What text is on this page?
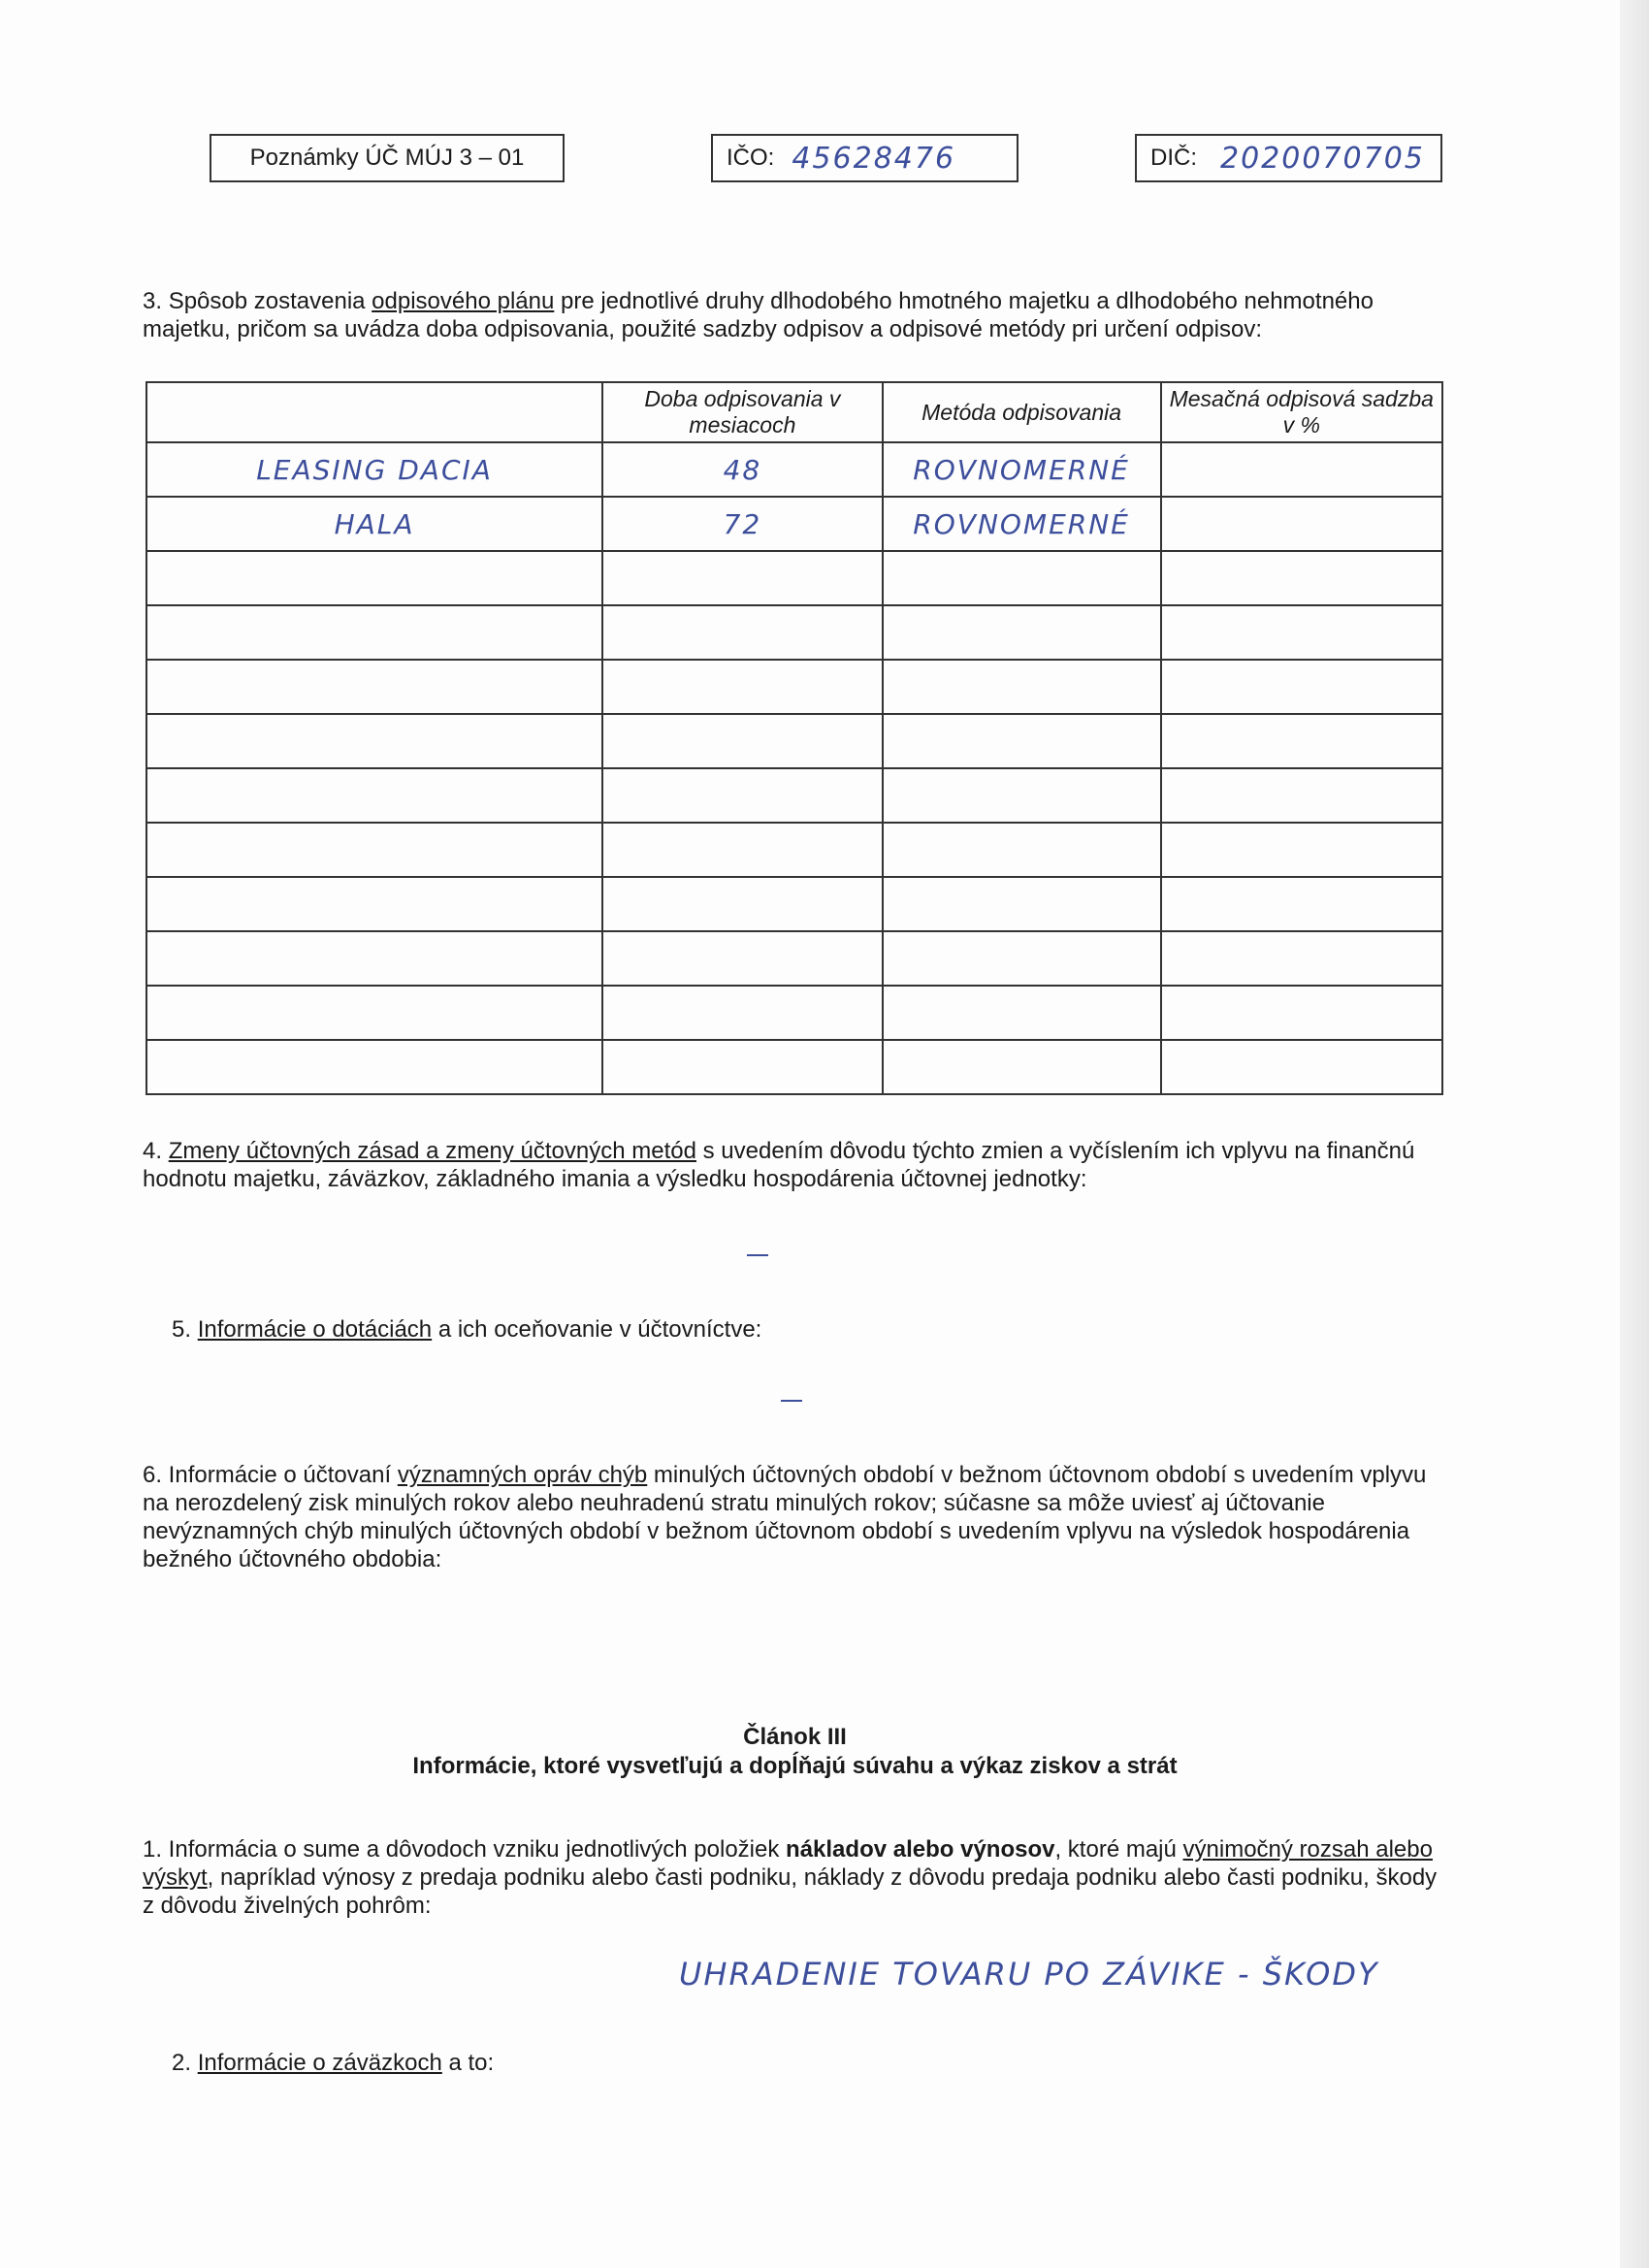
Poznámky ÚČ MÚJ 3 – 01	IČO: 45628476	DIČ: 2020070705
3. Spôsob zostavenia odpisového plánu pre jednotlivé druhy dlhodobého hmotného majetku a dlhodobého nehmotného majetku, pričom sa uvádza doba odpisovania, použité sadzby odpisov a odpisové metódy pri určení odpisov:
	Doba odpisovania v mesiacoch	Metóda odpisovania	Mesačná odpisová sadzba v %
LEASING DACIA	48	ROVNOMERNÉ	
HALA	72	ROVNOMERNÉ	

4. Zmeny účtovných zásad a zmeny účtovných metód s uvedením dôvodu týchto zmien a vyčíslením ich vplyvu na finančnú hodnotu majetku, záväzkov, základného imania a výsledku hospodárenia účtovnej jednotky:
5. Informácie o dotáciách a ich oceňovanie v účtovníctve:
6. Informácie o účtovaní významných opráv chýb minulých účtovných období v bežnom účtovnom období s uvedením vplyvu na nerozdelený zisk minulých rokov alebo neuhradenú stratu minulých rokov; súčasne sa môže uviesť aj účtovanie nevýznamných chýb minulých účtovných období v bežnom účtovnom období s uvedením vplyvu na výsledok hospodárenia bežného účtovného obdobia:
Článok III
Informácie, ktoré vysvetľujú a dopĺňajú súvahu a výkaz ziskov a strát
1. Informácia o sume a dôvodoch vzniku jednotlivých položiek nákladov alebo výnosov, ktoré majú výnimočný rozsah alebo výskyt, napríklad výnosy z predaja podniku alebo časti podniku, náklady z dôvodu predaja podniku alebo časti podniku, škody z dôvodu živelných pohrôm:
UHRADENIE TOVARU PO ZÁVIKE - ŠKODY
2. Informácie o záväzkoch a to:
